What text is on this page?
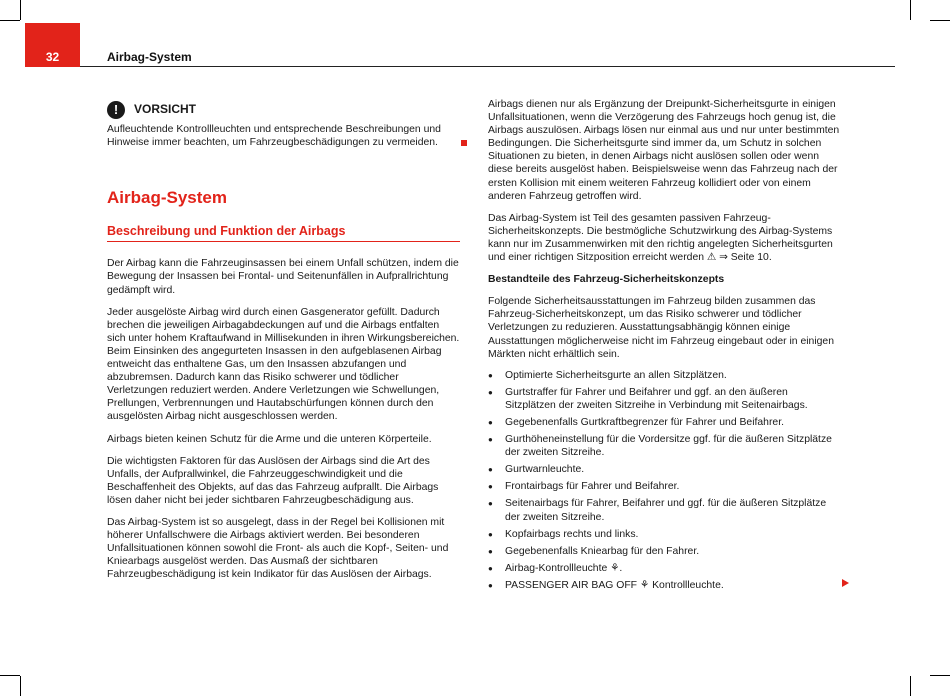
32	Airbag-System
!	VORSICHT

Aufleuchtende Kontrollleuchten und entsprechende Beschreibungen und Hinweise immer beachten, um Fahrzeugbeschädigungen zu vermeiden.

Airbag-System
Beschreibung und Funktion der Airbags

Der Airbag kann die Fahrzeuginsassen bei einem Unfall schützen, indem die Bewegung der Insassen bei Frontal- und Seitenunfällen in Aufprallrichtung gedämpft wird.

Jeder ausgelöste Airbag wird durch einen Gasgenerator gefüllt. Dadurch brechen die jeweiligen Airbagabdeckungen auf und die Airbags entfalten sich unter hohem Kraftaufwand in Millisekunden in ihren Wirkungsbereichen. Beim Einsinken des angegurteten Insassen in den aufgeblasenen Airbag entweicht das enthaltene Gas, um den Insassen abzufangen und abzubremsen. Dadurch kann das Risiko schwerer und tödlicher Verletzungen reduziert werden. Andere Verletzungen wie Schwellungen, Prellungen, Verbrennungen und Hautabschürfungen können durch den ausgelösten Airbag nicht ausgeschlossen werden.

Airbags bieten keinen Schutz für die Arme und die unteren Körperteile.

Die wichtigsten Faktoren für das Auslösen der Airbags sind die Art des Unfalls, der Aufprallwinkel, die Fahrzeuggeschwindigkeit und die Beschaffenheit des Objekts, auf das das Fahrzeug aufprallt. Die Airbags lösen daher nicht bei jeder sichtbaren Fahrzeugbeschädigung aus.

Das Airbag-System ist so ausgelegt, dass in der Regel bei Kollisionen mit höherer Unfallschwere die Airbags aktiviert werden. Bei besonderen Unfallsituationen können sowohl die Front- als auch die Kopf-, Seiten- und Kniearbags ausgelöst werden. Das Ausmaß der sichtbaren Fahrzeugbeschädigung ist kein Indikator für das Auslösen der Airbags.

Airbags dienen nur als Ergänzung der Dreipunkt-Sicherheitsgurte in einigen Unfallsituationen, wenn die Verzögerung des Fahrzeugs hoch genug ist, die Airbags auszulösen. Airbags lösen nur einmal aus und nur unter bestimmten Bedingungen. Die Sicherheitsgurte sind immer da, um Schutz in solchen Situationen zu bieten, in denen Airbags nicht auslösen sollen oder wenn diese bereits ausgelöst haben. Beispielsweise wenn das Fahrzeug nach der ersten Kollision mit einem weiteren Fahrzeug kollidiert oder von einem anderen Fahrzeug getroffen wird.

Das Airbag-System ist Teil des gesamten passiven Fahrzeug-Sicherheitskonzepts. Die bestmögliche Schutzwirkung des Airbag-Systems kann nur im Zusammenwirken mit den richtig angelegten Sicherheitsgurten und einer richtigen Sitzposition erreicht werden ⚠ ⇒ Seite 10.

Bestandteile des Fahrzeug-Sicherheitskonzepts

Folgende Sicherheitsausstattungen im Fahrzeug bilden zusammen das Fahrzeug-Sicherheitskonzept, um das Risiko schwerer und tödlicher Verletzungen zu reduzieren. Ausstattungsabhängig können einige Ausstattungen möglicherweise nicht im Fahrzeug eingebaut oder in einigen Märkten nicht erhältlich sein.

● Optimierte Sicherheitsgurte an allen Sitzplätzen.
● Gurtstraffer für Fahrer und Beifahrer und ggf. an den äußeren Sitzplätzen der zweiten Sitzreihe in Verbindung mit Seitenairbags.
● Gegebenenfalls Gurtkraftbegrenzer für Fahrer und Beifahrer.
● Gurthöheneinstellung für die Vordersitze ggf. für die äußeren Sitzplätze der zweiten Sitzreihe.
● Gurtwarnleuchte.
● Frontairbags für Fahrer und Beifahrer.
● Seitenairbags für Fahrer, Beifahrer und ggf. für die äußeren Sitzplätze der zweiten Sitzreihe.
● Kopfairbags rechts und links.
● Gegebenenfalls Kniearbag für den Fahrer.
● Airbag-Kontrollleuchte ⚘.
● PASSENGER AIR BAG OFF ⚘ Kontrollleuchte.
